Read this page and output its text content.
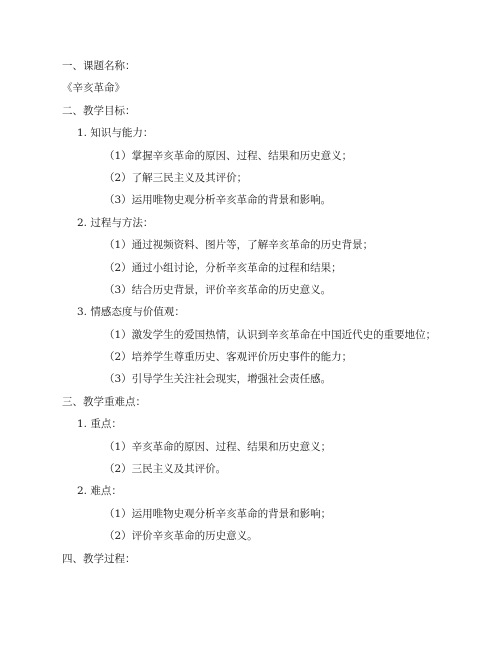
一、课题名称：
《辛亥革命》
二、教学目标：
1. 知识与能力：
（1）掌握辛亥革命的原因、过程、结果和历史意义；
（2）了解三民主义及其评价；
（3）运用唯物史观分析辛亥革命的背景和影响。
2. 过程与方法：
（1）通过视频资料、图片等，了解辛亥革命的历史背景；
（2）通过小组讨论，分析辛亥革命的过程和结果；
（3）结合历史背景，评价辛亥革命的历史意义。
3. 情感态度与价值观：
（1）激发学生的爱国热情，认识到辛亥革命在中国近代史的重要地位；
（2）培养学生尊重历史、客观评价历史事件的能力；
（3）引导学生关注社会现实，增强社会责任感。
三、教学重难点：
1. 重点：
（1）辛亥革命的原因、过程、结果和历史意义；
（2）三民主义及其评价。
2. 难点：
（1）运用唯物史观分析辛亥革命的背景和影响；
（2）评价辛亥革命的历史意义。
四、教学过程：
